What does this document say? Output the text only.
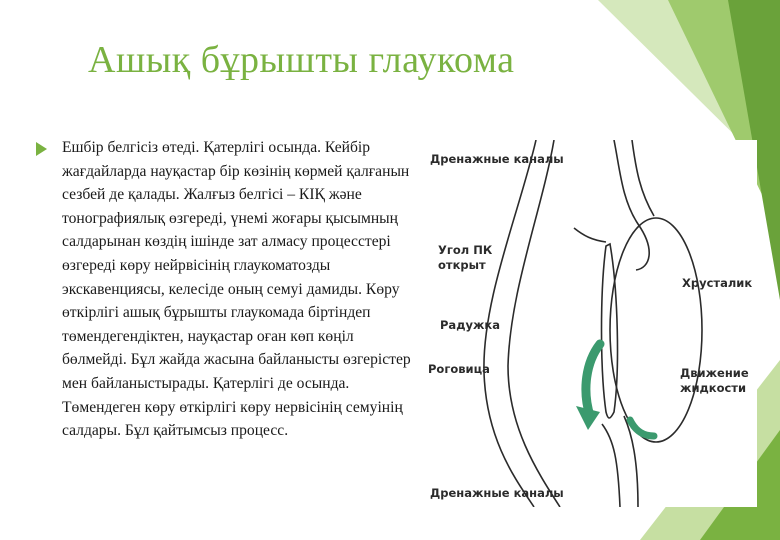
Ашық бұрышты глаукома
Ешбір белгісіз өтеді. Қатерлігі осында. Кейбір жағдайларда науқастар бір көзінің көрмей қалғанын сезбей де қалады. Жалғыз белгісі – КІҚ және тонографиялық өзгереді, үнемі жоғары қысымның салдарынан көздің ішінде зат алмасу процесстері өзгереді көру нейрвісінің глаукоматозды экскавенциясы, келесіде оның семуі дамиды. Көру өткірлігі ашық бұрышты глаукомада біртіндеп төмендегендіктен, науқастар оған көп көңіл бөлмейді. Бұл жайда жасына байланысты өзгерістер мен байланыстырады. Қатерлігі де осында. Төмендеген көру өткірлігі көру нервісінің семуінің салдары. Бұл қайтымсыз процесс.
Дренажные каналы
Угол ПК
открыт
Хрусталик
Радужка
Роговица	Движение
жидкости
Дренажные каналы
